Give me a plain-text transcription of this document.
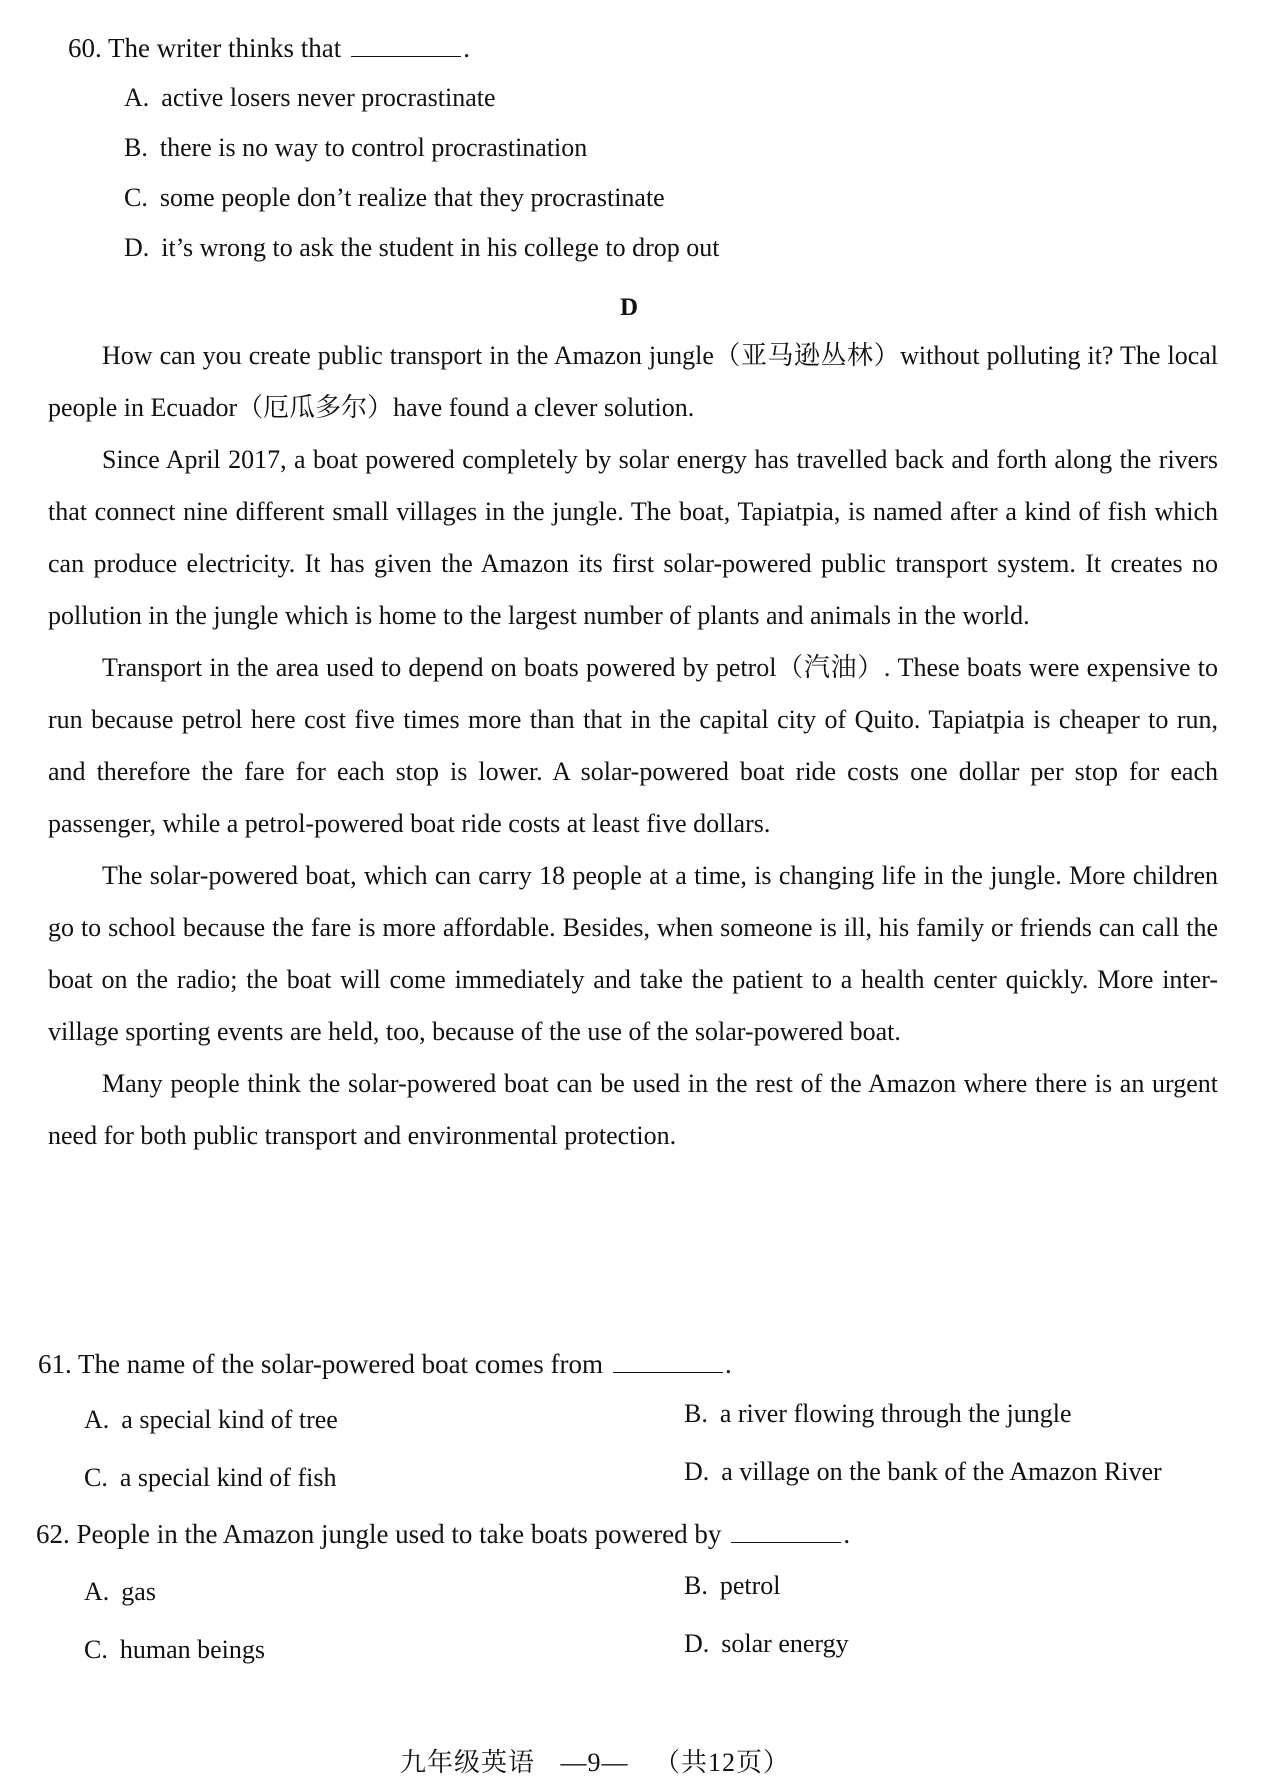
60. The writer thinks that	.
A. active losers never procrastinate
B. there is no way to control procrastination
C. some people don’t realize that they procrastinate
D. it’s wrong to ask the student in his college to drop out
D

How can you create public transport in the Amazon jungle（亚马逊丛林）without polluting it? The local people in Ecuador（厄瓜多尔）have found a clever solution.

Since April 2017, a boat powered completely by solar energy has travelled back and forth along the rivers that connect nine different small villages in the jungle. The boat, Tapiatpia, is named after a kind of fish which can produce electricity. It has given the Amazon its first solar-powered public transport system. It creates no pollution in the jungle which is home to the largest number of plants and animals in the world.

Transport in the area used to depend on boats powered by petrol（汽油）. These boats were expensive to run because petrol here cost five times more than that in the capital city of Quito. Tapiatpia is cheaper to run, and therefore the fare for each stop is lower. A solar-powered boat ride costs one dollar per stop for each passenger, while a petrol-powered boat ride costs at least five dollars.

The solar-powered boat, which can carry 18 people at a time, is changing life in the jungle. More children go to school because the fare is more affordable. Besides, when someone is ill, his family or friends can call the boat on the radio; the boat will come immediately and take the patient to a health center quickly. More inter-village sporting events are held, too, because of the use of the solar-powered boat.

Many people think the solar-powered boat can be used in the rest of the Amazon where there is an urgent need for both public transport and environmental protection.

61. The name of the solar-powered boat comes from	.
A. a special kind of tree	B. a river flowing through the jungle
C. a special kind of fish	D. a village on the bank of the Amazon River
62. People in the Amazon jungle used to take boats powered by	.
A. gas	B. petrol
C. human beings	D. solar energy
九年级英语 —9— （共12页）
